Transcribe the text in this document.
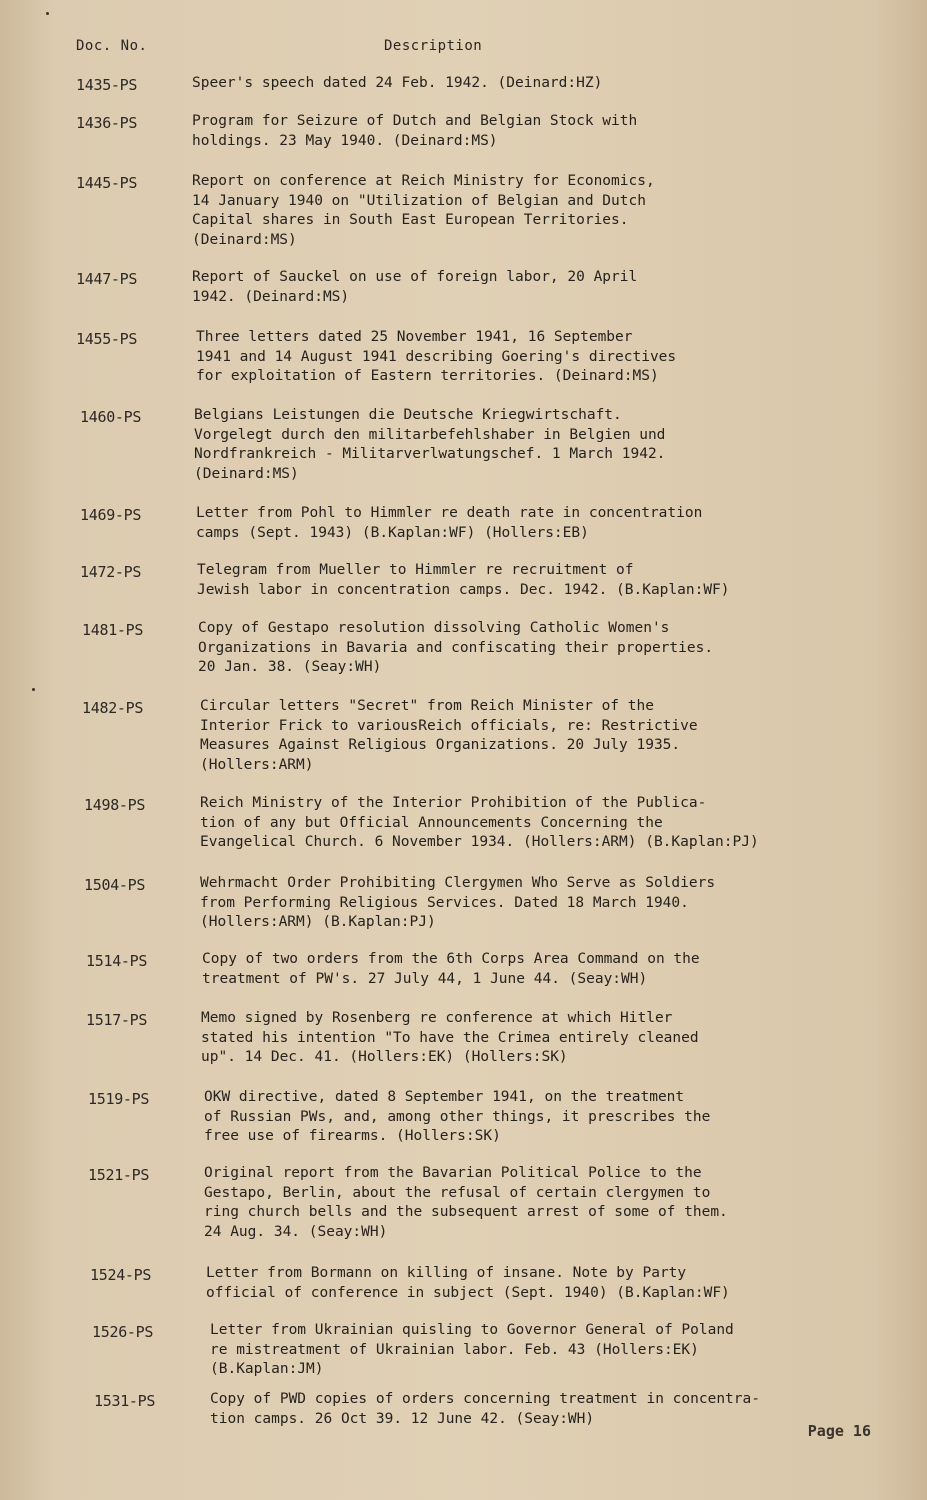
Doc. No.	Description
1435-PS	Speer's speech dated 24 Feb. 1942. (Deinard:HZ)
1436-PS	Program for Seizure of Dutch and Belgian Stock with
holdings. 23 May 1940. (Deinard:MS)
1445-PS	Report on conference at Reich Ministry for Economics,
14 January 1940 on "Utilization of Belgian and Dutch
Capital shares in South East European Territories.
(Deinard:MS)
1447-PS	Report of Sauckel on use of foreign labor, 20 April
1942. (Deinard:MS)
1455-PS	Three letters dated 25 November 1941, 16 September
1941 and 14 August 1941 describing Goering's directives
for exploitation of Eastern territories. (Deinard:MS)
1460-PS	Belgians Leistungen die Deutsche Kriegwirtschaft.
Vorgelegt durch den militarbefehlshaber in Belgien und
Nordfrankreich - Militarverlwatungschef. 1 March 1942.
(Deinard:MS)
1469-PS	Letter from Pohl to Himmler re death rate in concentration
camps (Sept. 1943) (B.Kaplan:WF) (Hollers:EB)
1472-PS	Telegram from Mueller to Himmler re recruitment of
Jewish labor in concentration camps. Dec. 1942. (B.Kaplan:WF)
1481-PS	Copy of Gestapo resolution dissolving Catholic Women's
Organizations in Bavaria and confiscating their properties.
20 Jan. 38. (Seay:WH)
1482-PS	Circular letters "Secret" from Reich Minister of the
Interior Frick to variousReich officials, re: Restrictive
Measures Against Religious Organizations. 20 July 1935.
(Hollers:ARM)
1498-PS	Reich Ministry of the Interior Prohibition of the Publica-
tion of any but Official Announcements Concerning the
Evangelical Church. 6 November 1934. (Hollers:ARM) (B.Kaplan:PJ)
1504-PS	Wehrmacht Order Prohibiting Clergymen Who Serve as Soldiers
from Performing Religious Services. Dated 18 March 1940.
(Hollers:ARM) (B.Kaplan:PJ)
1514-PS	Copy of two orders from the 6th Corps Area Command on the
treatment of PW's. 27 July 44, 1 June 44. (Seay:WH)
1517-PS	Memo signed by Rosenberg re conference at which Hitler
stated his intention "To have the Crimea entirely cleaned
up". 14 Dec. 41. (Hollers:EK) (Hollers:SK)
1519-PS	OKW directive, dated 8 September 1941, on the treatment
of Russian PWs, and, among other things, it prescribes the
free use of firearms. (Hollers:SK)
1521-PS	Original report from the Bavarian Political Police to the
Gestapo, Berlin, about the refusal of certain clergymen to
ring church bells and the subsequent arrest of some of them.
24 Aug. 34. (Seay:WH)
1524-PS	Letter from Bormann on killing of insane. Note by Party
official of conference in subject (Sept. 1940) (B.Kaplan:WF)
1526-PS	Letter from Ukrainian quisling to Governor General of Poland
re mistreatment of Ukrainian labor. Feb. 43 (Hollers:EK)
(B.Kaplan:JM)
1531-PS	Copy of PWD copies of orders concerning treatment in concentra-
tion camps. 26 Oct 39. 12 June 42. (Seay:WH)
Page 16
